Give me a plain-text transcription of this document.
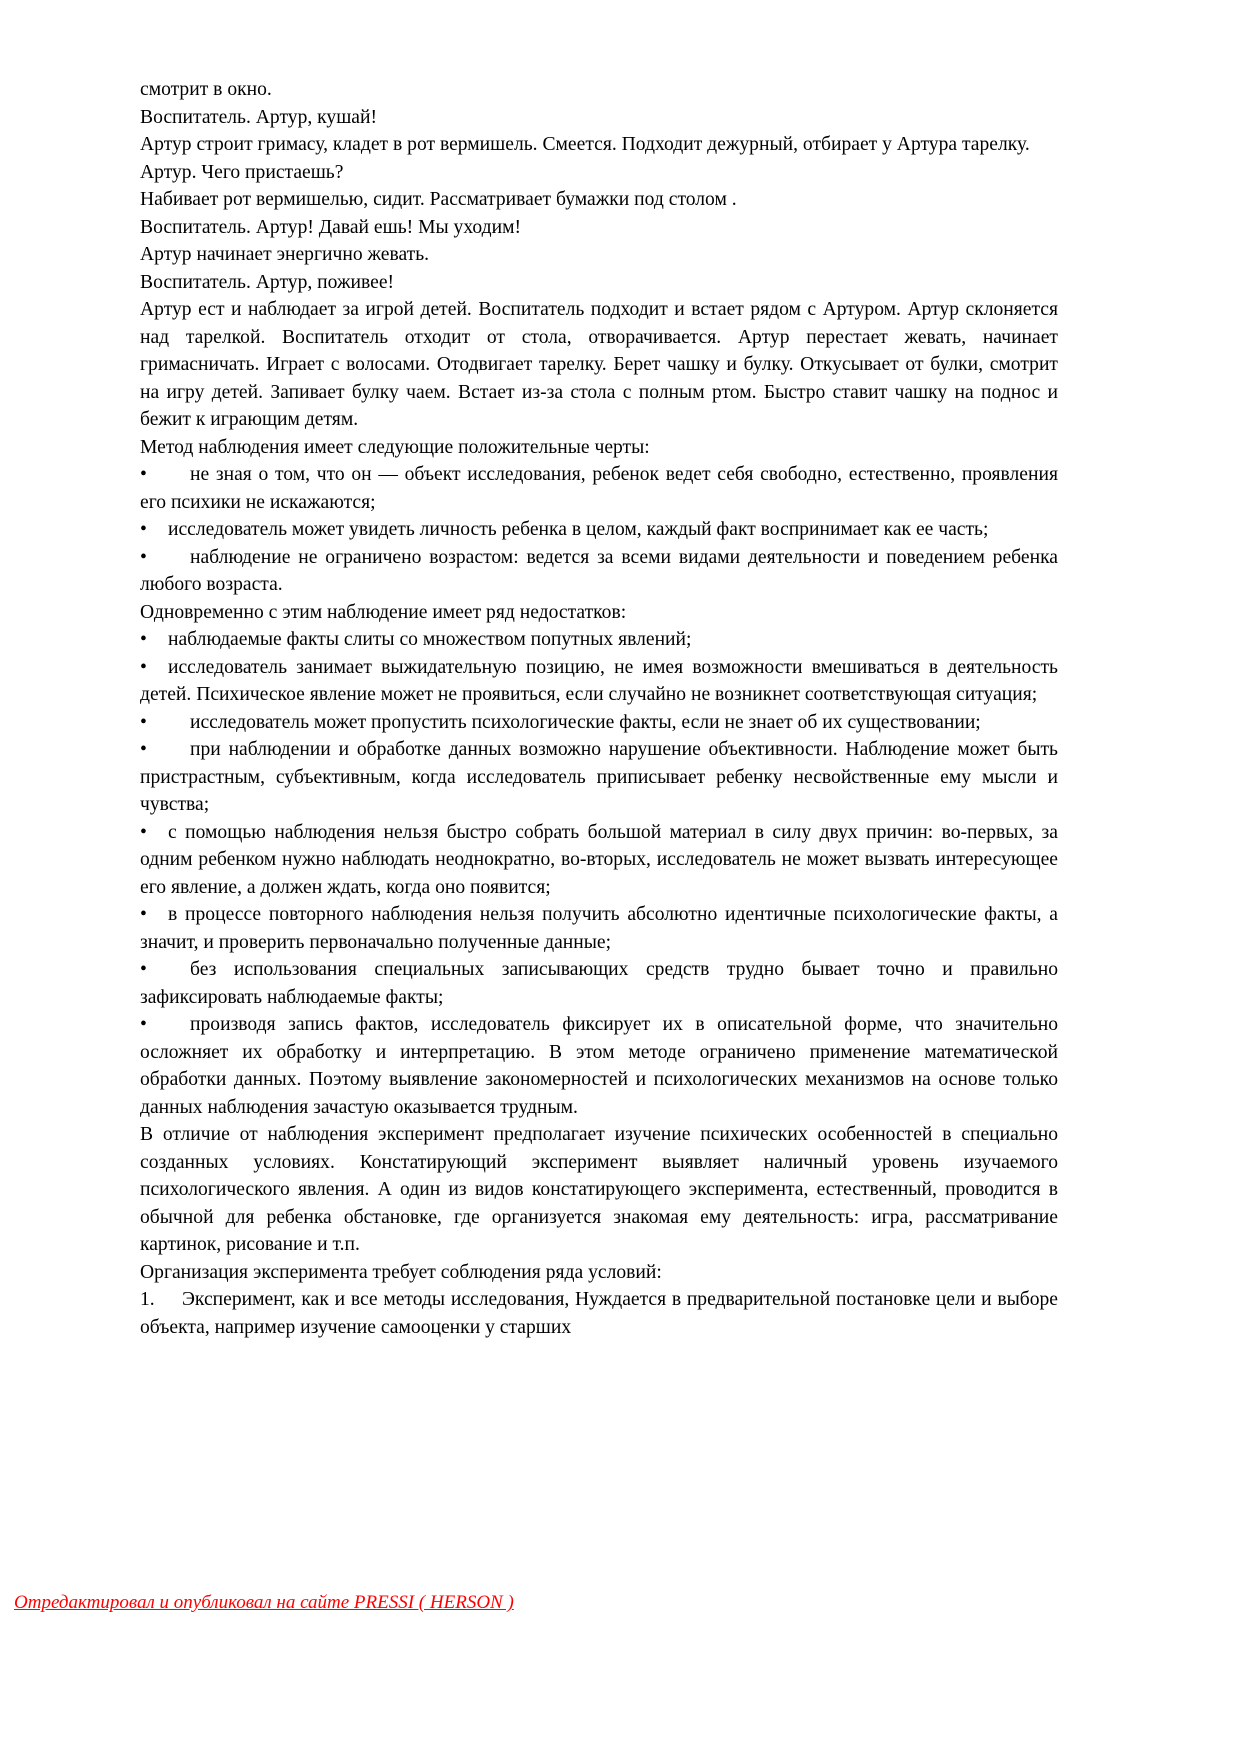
смотрит в окно.

Воспитатель. Артур, кушай!

Артур строит гримасу, кладет в рот вермишель. Смеется. Подходит дежурный, отбирает у Артура тарелку.

Артур. Чего пристаешь?

Набивает рот вермишелью, сидит. Рассматривает бумажки под столом .

Воспитатель. Артур! Давай ешь! Мы уходим!

Артур начинает энергично жевать.

Воспитатель. Артур, поживее!

Артур ест и наблюдает за игрой детей. Воспитатель подходит и встает рядом с Артуром. Артур склоняется над тарелкой. Воспитатель отходит от стола, отворачивается. Артур перестает жевать, начинает гримасничать. Играет с волосами. Отодвигает тарелку. Берет чашку и булку. Откусывает от булки, смотрит на игру детей. Запивает булку чаем. Встает из-за стола с полным ртом. Быстро ставит чашку на поднос и бежит к играющим детям.

Метод наблюдения имеет следующие положительные черты:

• не зная о том, что он — объект исследования, ребенок ведет себя свободно, естественно, проявления его психики не искажаются;

• исследователь может увидеть личность ребенка в целом, каждый факт воспринимает как ее часть;

• наблюдение не ограничено возрастом: ведется за всеми видами деятельности и поведением ребенка любого возраста.

Одновременно с этим наблюдение имеет ряд недостатков:

• наблюдаемые факты слиты со множеством попутных явлений;

• исследователь занимает выжидательную позицию, не имея возможности вмешиваться в деятельность детей. Психическое явление может не проявиться, если случайно не возникнет соответствующая ситуация;

• исследователь может пропустить психологические факты, если не знает об их существовании;

• при наблюдении и обработке данных возможно нарушение объективности. Наблюдение может быть пристрастным, субъективным, когда исследователь приписывает ребенку несвойственные ему мысли и чувства;

• с помощью наблюдения нельзя быстро собрать большой материал в силу двух причин: во-первых, за одним ребенком нужно наблюдать неоднократно, во-вторых, исследователь не может вызвать интересующее его явление, а должен ждать, когда оно появится;

• в процессе повторного наблюдения нельзя получить абсолютно идентичные психологические факты, а значит, и проверить первоначально полученные данные;

• без использования специальных записывающих средств трудно бывает точно и правильно зафиксировать наблюдаемые факты;

• производя запись фактов, исследователь фиксирует их в описательной форме, что значительно осложняет их обработку и интерпретацию. В этом методе ограничено применение математической обработки данных. Поэтому выявление закономерностей и психологических механизмов на основе только данных наблюдения зачастую оказывается трудным.

В отличие от наблюдения эксперимент предполагает изучение психических особенностей в специально созданных условиях. Констатирующий эксперимент выявляет наличный уровень изучаемого психологического явления. А один из видов констатирующего эксперимента, естественный, проводится в обычной для ребенка обстановке, где организуется знакомая ему деятельность: игра, рассматривание картинок, рисование и т.п.

Организация эксперимента требует соблюдения ряда условий:

1. Эксперимент, как и все методы исследования, Нуждается в предварительной постановке цели и выборе объекта, например изучение самооценки у старших

Отредактировал и опубликовал на сайте PRESSI ( HERSON )
